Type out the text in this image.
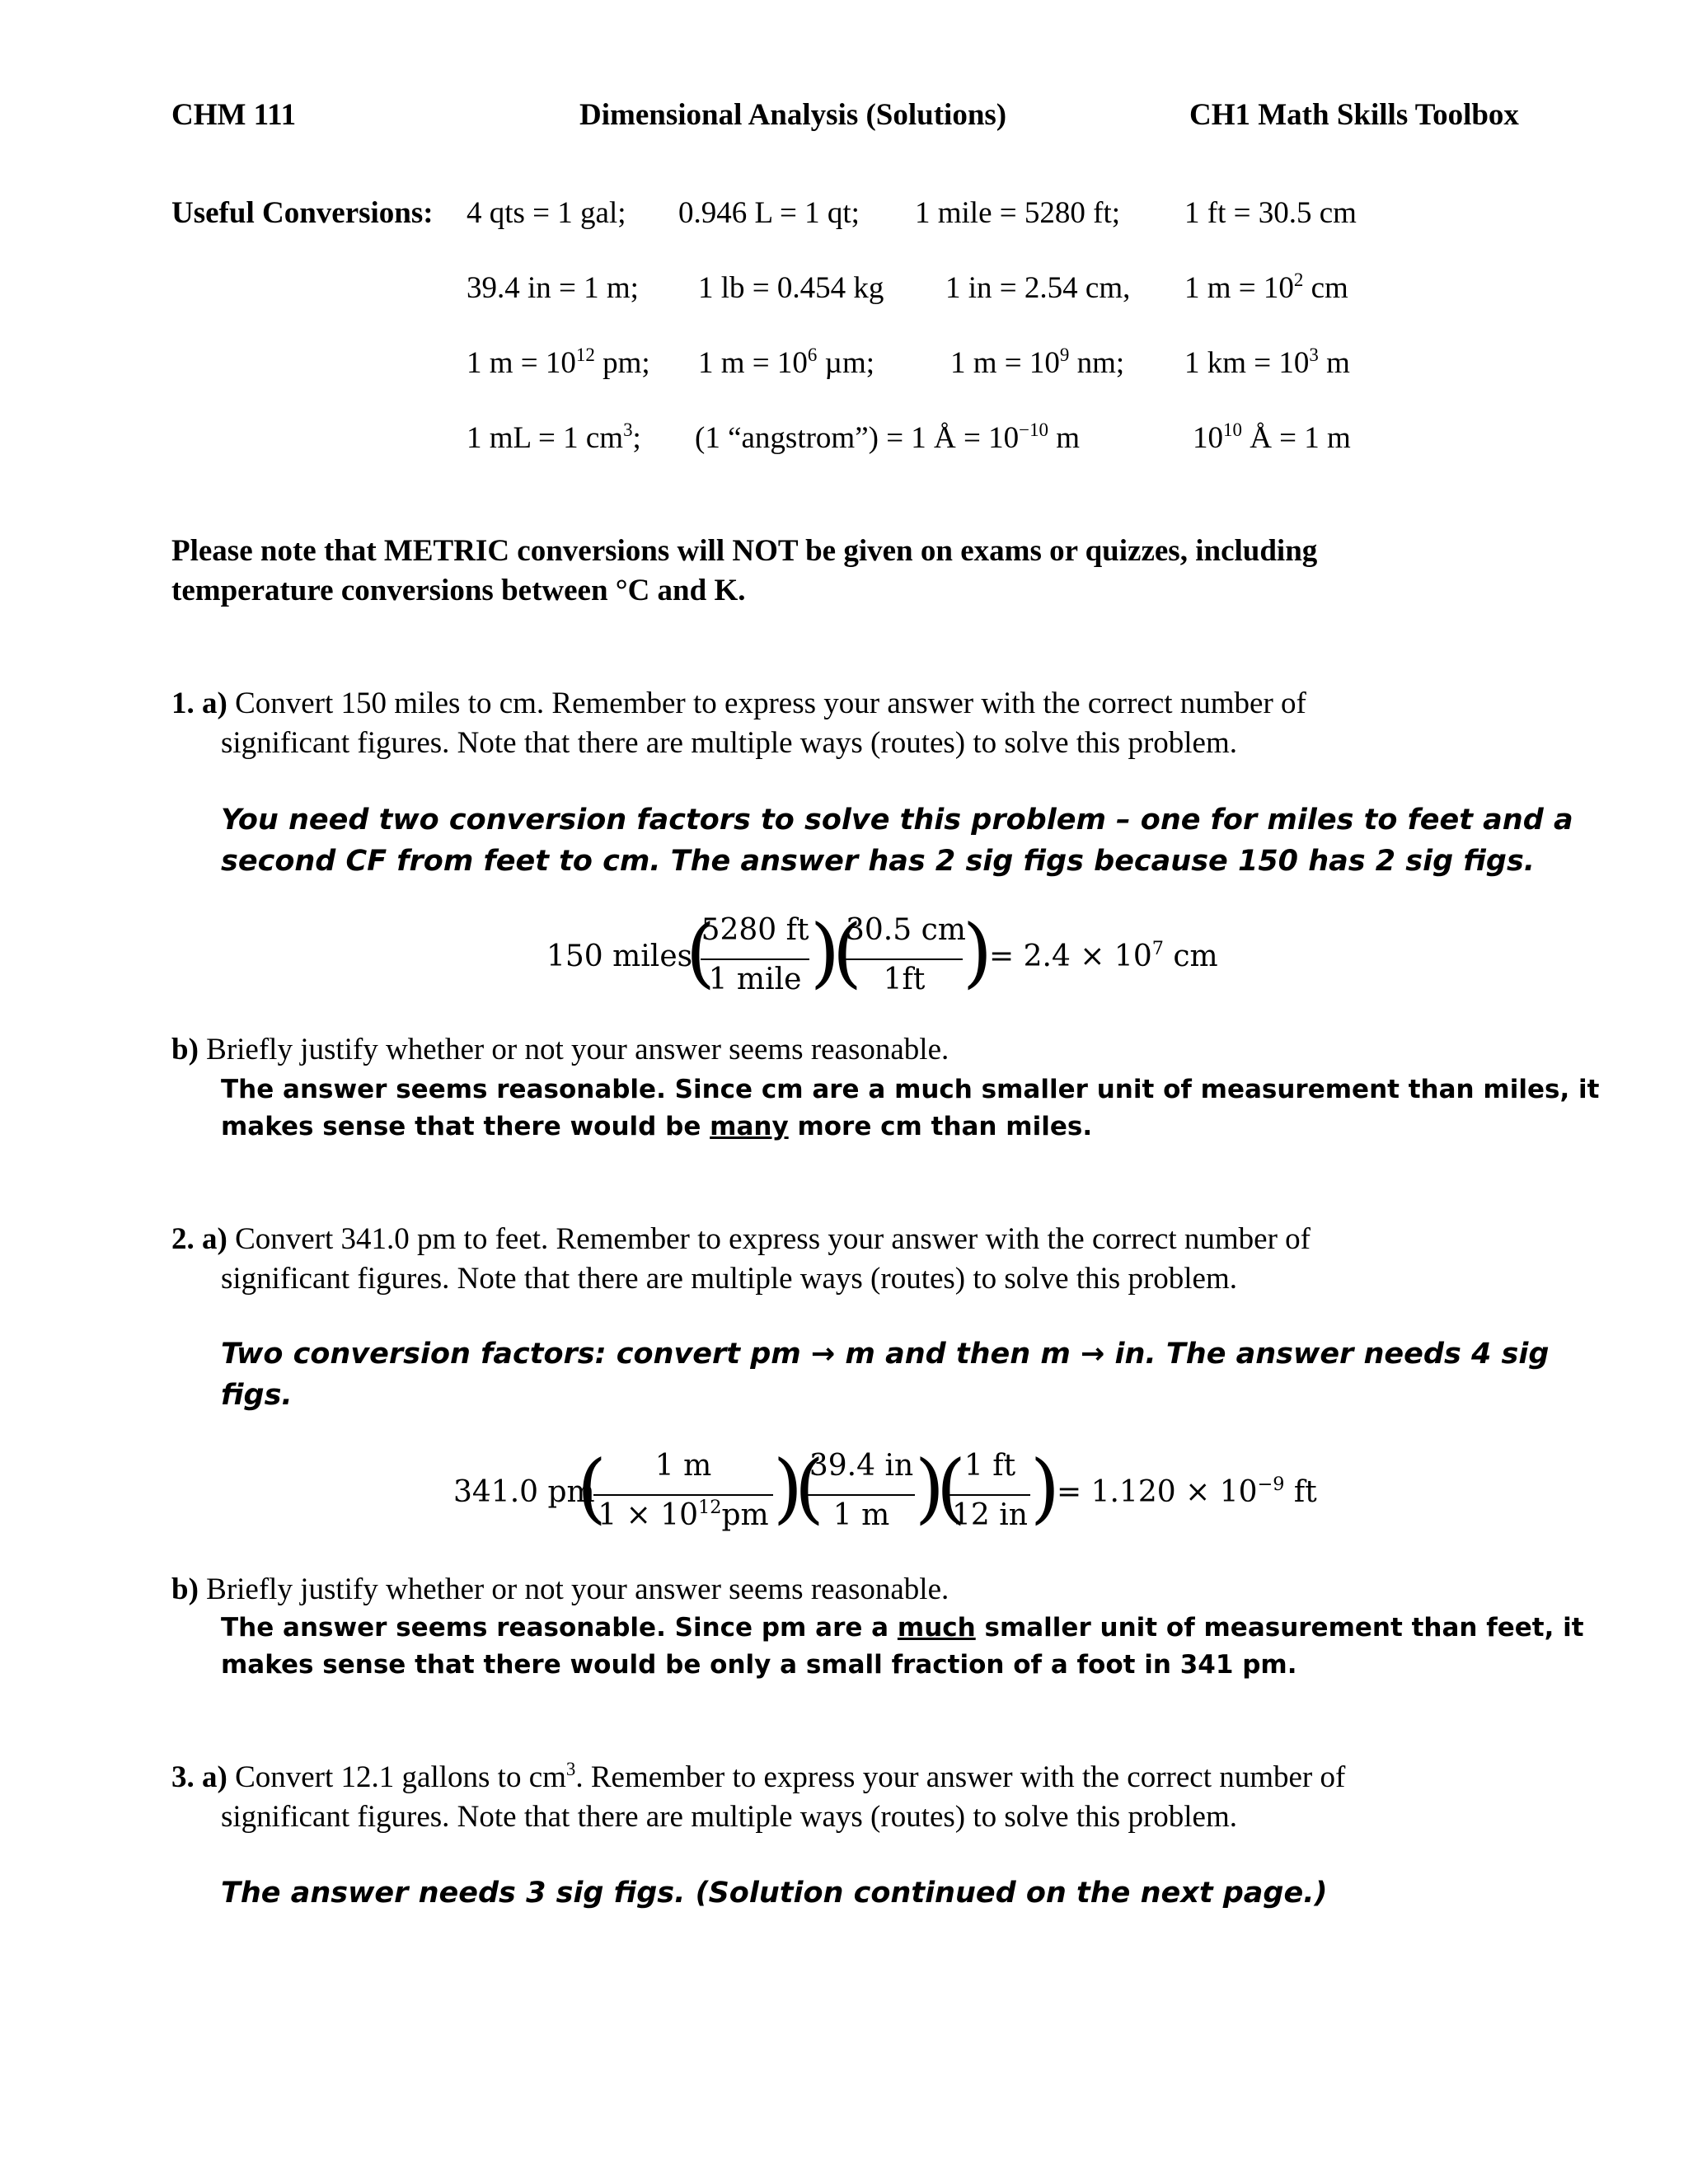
CHM 111	Dimensional Analysis (Solutions)	CH1 Math Skills Toolbox
Useful Conversions: 4 qts = 1 gal; 0.946 L = 1 qt; 1 mile = 5280 ft; 1 ft = 30.5 cm
39.4 in = 1 m; 1 lb = 0.454 kg 1 in = 2.54 cm, 1 $m = 10^2$ cm
1 $m = 10^{12}$ pm; 1 $m = 10^6$ µm; 1 $m = 10^9$ nm; 1 km = $10^3$ m
1 mL = 1 $cm^3$; (1 “angstrom”) = 1 Å = $10^{-10}$ m	$10^{10}$ Å = 1 m
Please note that METRIC conversions will NOT be given on exams or quizzes, including
temperature conversions between °C and K.
1. a) Convert 150 miles to cm. Remember to express your answer with the correct number of
significant figures. Note that there are multiple ways (routes) to solve this problem.
You need two conversion factors to solve this problem – one for miles to feet and a
second CF from feet to cm. The answer has 2 sig figs because 150 has 2 sig figs.
150 miles
(
5280 ft
1 mile )
(
30.5 cm
1ft )
= $2.4 \times 10^7$ cm
b) Briefly justify whether or not your answer seems reasonable.
The answer seems reasonable. Since cm are a much smaller unit of measurement than miles, it
makes sense that there would be many more cm than miles.
2. a) Convert 341.0 pm to feet. Remember to express your answer with the correct number of
significant figures. Note that there are multiple ways (routes) to solve this problem.
Two conversion factors: convert pm → m and then m → in. The answer needs 4 sig
figs.
341.0 pm
(	1 m
$1 \times 10^{12}pm$ )
(
39.4 in
1 m )
(
1 ft
12 in )
= $1.120 \times 10^{-9}$ ft
b) Briefly justify whether or not your answer seems reasonable.
The answer seems reasonable. Since pm are a much smaller unit of measurement than feet, it
makes sense that there would be only a small fraction of a foot in 341 pm.
3. a) Convert 12.1 gallons to $cm^3$. Remember to express your answer with the correct number of
significant figures. Note that there are multiple ways (routes) to solve this problem.
The answer needs 3 sig figs. (Solution continued on the next page.)
